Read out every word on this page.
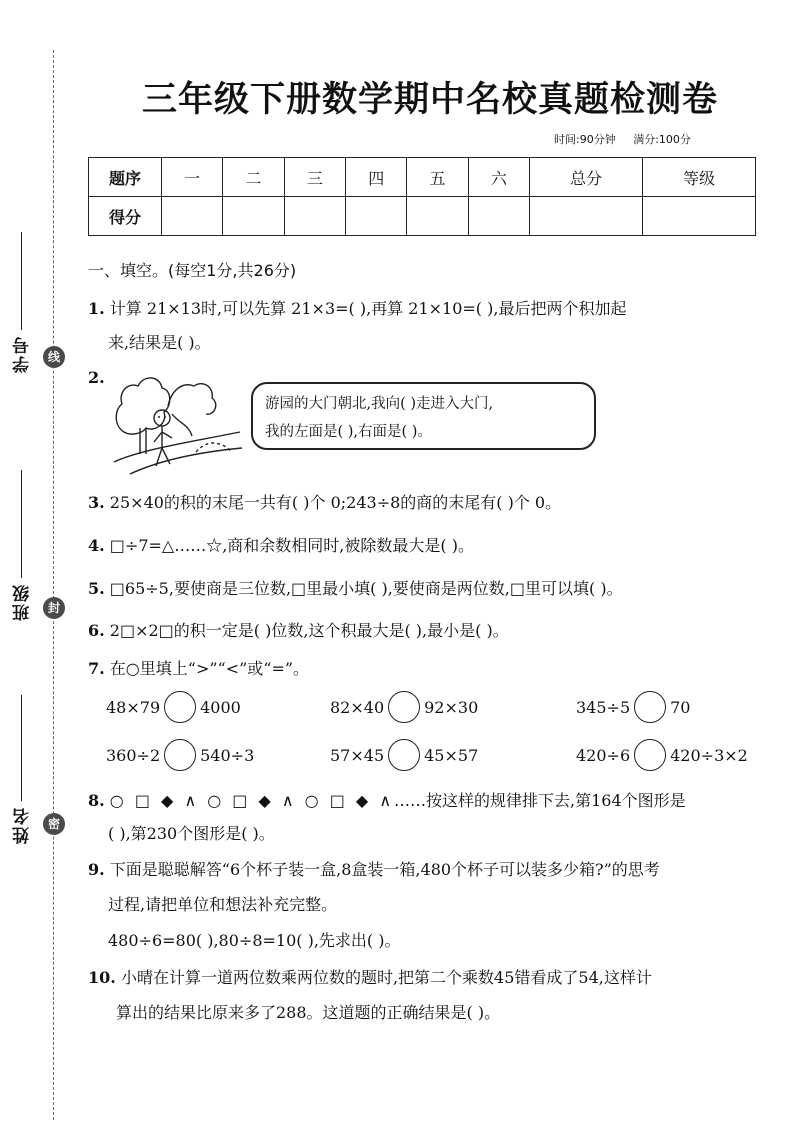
学号	线
班级	封
姓名	密
三年级下册数学期中名校真题检测卷
时间:90分钟 满分:100分
题序	一	二	三	四	五	六	总分	等级
得分								
一、填空。(每空1分,共26分)
1. 计算 21×13时,可以先算 21×3=( ),再算 21×10=( ),最后把两个积加起
来,结果是( )。
2.
游园的大门朝北,我向( )走进入大门,
我的左面是( ),右面是( )。
3. 25×40的积的末尾一共有( )个 0;243÷8的商的末尾有( )个 0。
4. □÷7=△……☆,商和余数相同时,被除数最大是( )。
5. □65÷5,要使商是三位数,□里最小填( ),要使商是两位数,□里可以填( )。
6. 2□×2□的积一定是( )位数,这个积最大是( ),最小是( )。
7. 在○里填上“>”“<”或“=”。
48×79	4000	82×40	92×30	345÷5	70
360÷2	540÷3	57×45	45×57	420÷6	420÷3×2
8. ○ □ ◆ ∧ ○ □ ◆ ∧ ○ □ ◆ ∧……按这样的规律排下去,第164个图形是
( ),第230个图形是( )。
9. 下面是聪聪解答“6个杯子装一盒,8盒装一箱,480个杯子可以装多少箱?”的思考
过程,请把单位和想法补充完整。
480÷6=80( ),80÷8=10( ),先求出( )。
10. 小晴在计算一道两位数乘两位数的题时,把第二个乘数45错看成了54,这样计
算出的结果比原来多了288。这道题的正确结果是( )。
